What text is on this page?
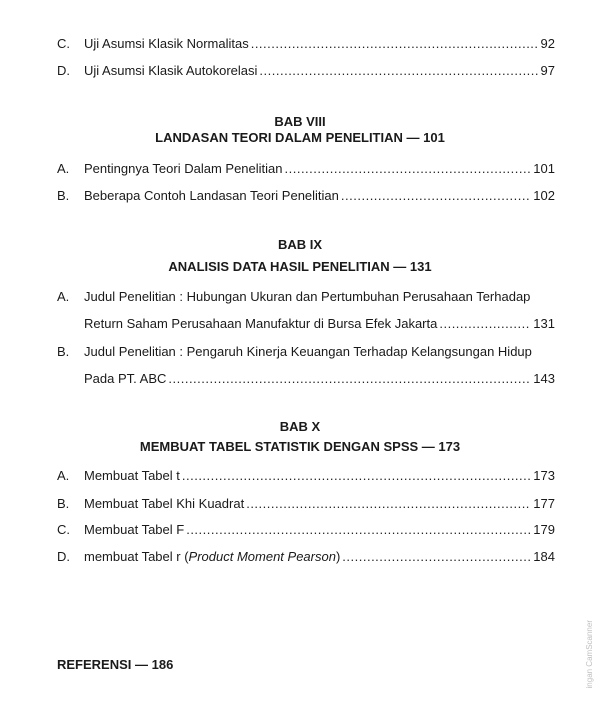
C. Uji Asumsi Klasik Normalitas .....	92
D. Uji Asumsi Klasik Autokorelasi .....	97
BAB VIII
LANDASAN TEORI DALAM PENELITIAN — 101
A. Pentingnya Teori Dalam Penelitian .....	101
B. Beberapa Contoh Landasan Teori Penelitian .....	102
BAB IX
ANALISIS DATA HASIL PENELITIAN — 131
A. Judul Penelitian : Hubungan Ukuran dan Pertumbuhan Perusahaan Terhadap
Return Saham Perusahaan Manufaktur di Bursa Efek Jakarta .....	131
B. Judul Penelitian : Pengaruh Kinerja Keuangan Terhadap Kelangsungan Hidup
Pada PT. ABC .....	143
BAB X
MEMBUAT TABEL STATISTIK DENGAN SPSS — 173
A. Membuat Tabel t .....	173
B. Membuat Tabel Khi Kuadrat .....	177
C. Membuat Tabel F .....	179
D. membuat Tabel r (Product Moment Pearson) .....	184
REFERENSI — 186	ingan CamScanner
